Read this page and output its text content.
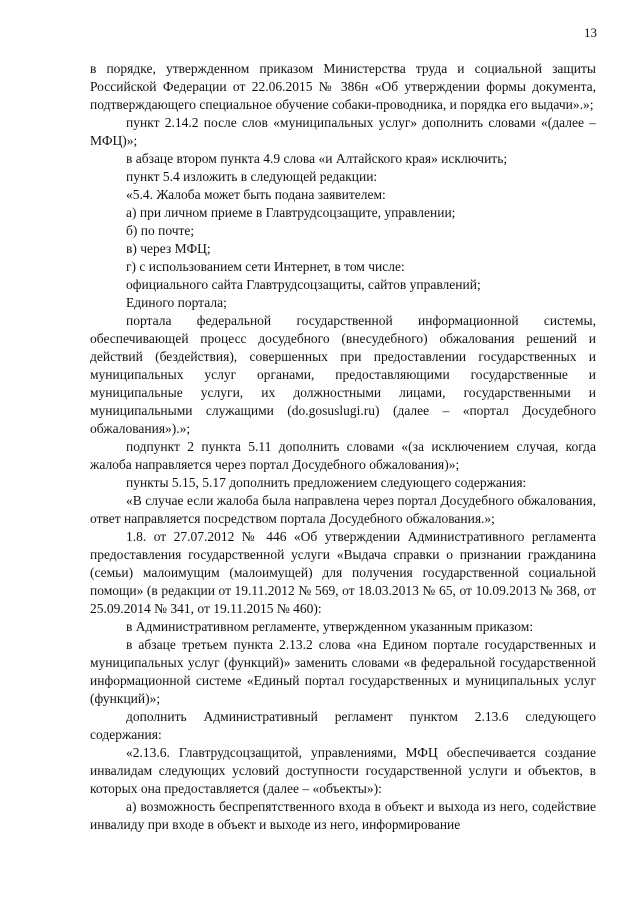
13

в порядке, утвержденном приказом Министерства труда и социальной защиты Российской Федерации от 22.06.2015 № 386н «Об утверждении формы документа, подтверждающего специальное обучение собаки-проводника, и порядка его выдачи».»;

пункт 2.14.2 после слов «муниципальных услуг» дополнить словами «(далее – МФЦ)»;

в абзаце втором пункта 4.9 слова «и Алтайского края» исключить;

пункт 5.4 изложить в следующей редакции:

«5.4. Жалоба может быть подана заявителем:

а) при личном приеме в Главтрудсоцзащите, управлении;

б) по почте;

в) через МФЦ;

г) с использованием сети Интернет, в том числе:

официального сайта Главтрудсоцзащиты, сайтов управлений;

Единого портала;

портала федеральной государственной информационной системы, обеспечивающей процесс досудебного (внесудебного) обжалования решений и действий (бездействия), совершенных при предоставлении государственных и муниципальных услуг органами, предоставляющими государственные и муниципальные услуги, их должностными лицами, государственными и муниципальными служащими (do.gosuslugi.ru) (далее – «портал Досудебного обжалования»).»;

подпункт 2 пункта 5.11 дополнить словами «(за исключением случая, когда жалоба направляется через портал Досудебного обжалования)»;

пункты 5.15, 5.17 дополнить предложением следующего содержания:

«В случае если жалоба была направлена через портал Досудебного обжалования, ответ направляется посредством портала Досудебного обжалования.»;

1.8. от 27.07.2012 № 446 «Об утверждении Административного регламента предоставления государственной услуги «Выдача справки о признании гражданина (семьи) малоимущим (малоимущей) для получения государственной социальной помощи» (в редакции от 19.11.2012 № 569, от 18.03.2013 № 65, от 10.09.2013 № 368, от 25.09.2014 № 341, от 19.11.2015 № 460):

в Административном регламенте, утвержденном указанным приказом:

в абзаце третьем пункта 2.13.2 слова «на Едином портале государственных и муниципальных услуг (функций)» заменить словами «в федеральной государственной информационной системе «Единый портал государственных и муниципальных услуг (функций)»;

дополнить Административный регламент пунктом 2.13.6 следующего содержания:

«2.13.6. Главтрудсоцзащитой, управлениями, МФЦ обеспечивается создание инвалидам следующих условий доступности государственной услуги и объектов, в которых она предоставляется (далее – «объекты»):

а) возможность беспрепятственного входа в объект и выхода из него, содействие инвалиду при входе в объект и выходе из него, информирование
